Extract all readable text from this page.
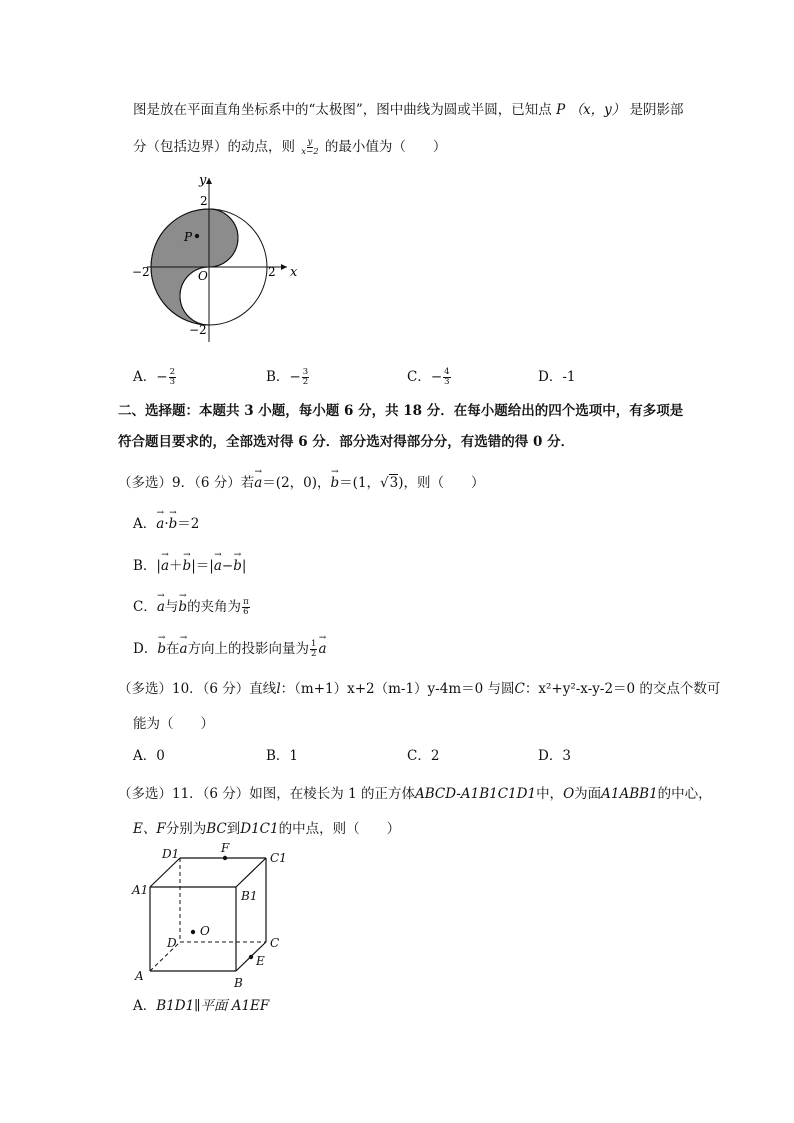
图是放在平面直角坐标系中的“太极图”，图中曲线为圆或半圆，已知点 P （x，y） 是阴影部
分（包括边界）的动点，则 $\frac{y}{x-2}$ 的最小值为（　　）
y
x
2
−2
−2	2
O
P
A．− $\frac{2}{3}$	B．− $\frac{3}{2}$	C．− $\frac{4}{3}$	D．-1
二、选择题：本题共 3 小题，每小题 6 分，共 18 分．在每小题给出的四个选项中，有多项是
符合题目要求的，全部选对得 6 分．部分选对得部分分，有选错的得 0 分．
（多选）9．（6 分）若→ a＝(2，0)，→ b＝(1，√3)，则（　　）
A．→ a·→ b＝2
B．|→ a＋→ b|＝|→ a−→ b|
C．→ a与→ b的夹角为 $\frac{\pi}{6}$
D．→ b在→ a方向上的投影向量为 $\frac{1}{2}$
→ a
（多选）10．（6 分）直线l：（m+1）x+2（m-1）y-4m＝0 与圆C：x²+y²-x-y-2＝0 的交点个数可
能为（　　）
A．0	B．1	C．2	D．3
（多选）11．（6 分）如图，在棱长为 1 的正方体ABCD-A1B1C1D1中，O为面A1ABB1的中心，
E、F分别为BC到D1C1的中点，则（　　）
D1	F
C1
A1	B1
O
D	C
E
A	B
A．B1D1∥平面 A1EF
